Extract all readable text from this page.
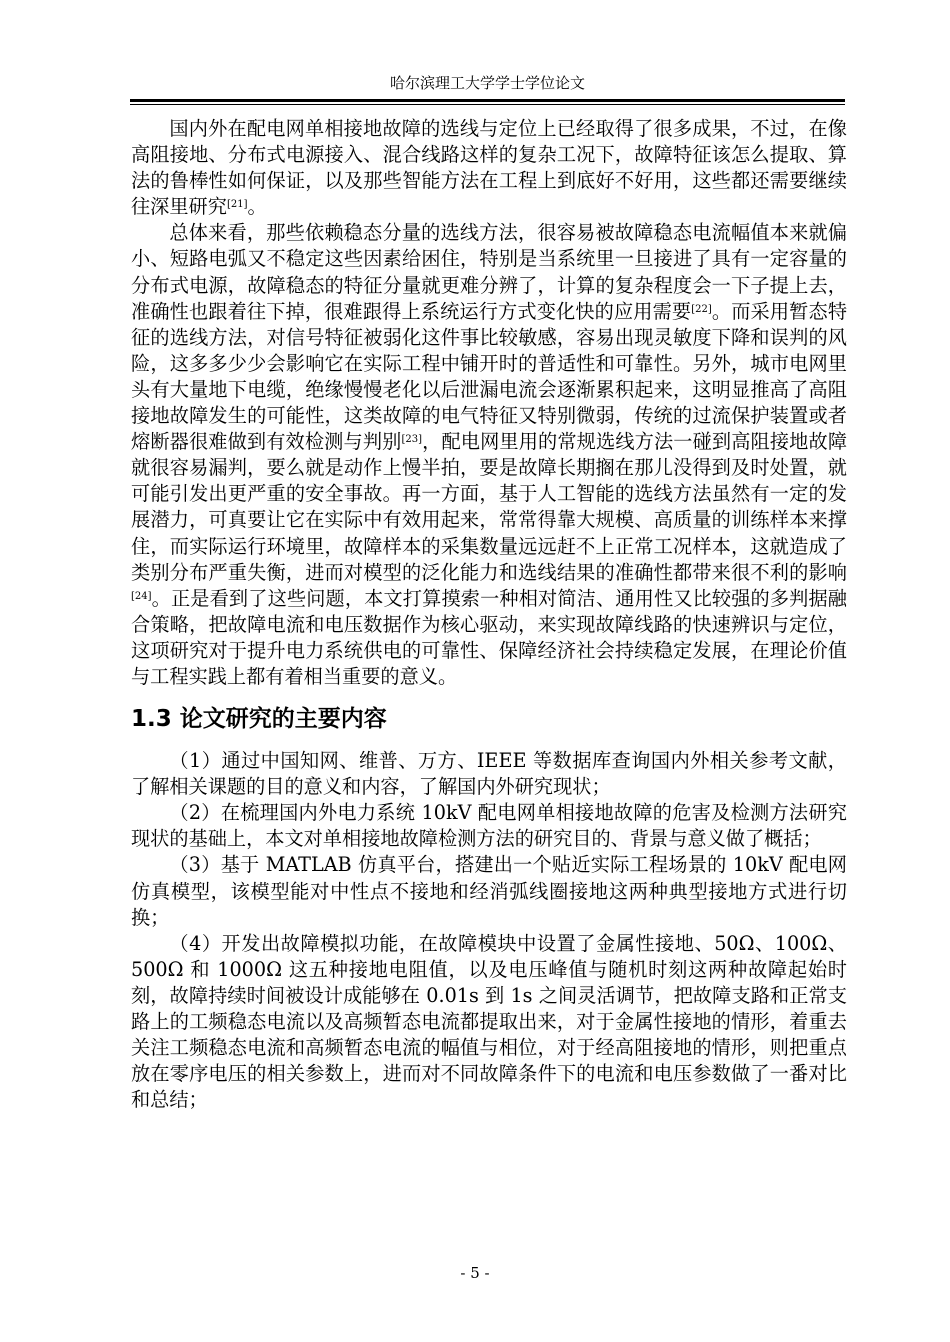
哈尔滨理工大学学士学位论文

国内外在配电网单相接地故障的选线与定位上已经取得了很多成果，不过，在像高阻接地、分布式电源接入、混合线路这样的复杂工况下，故障特征该怎么提取、算法的鲁棒性如何保证，以及那些智能方法在工程上到底好不好用，这些都还需要继续往深里研究[21]。

总体来看，那些依赖稳态分量的选线方法，很容易被故障稳态电流幅值本来就偏小、短路电弧又不稳定这些因素给困住，特别是当系统里一旦接进了具有一定容量的分布式电源，故障稳态的特征分量就更难分辨了，计算的复杂程度会一下子提上去，准确性也跟着往下掉，很难跟得上系统运行方式变化快的应用需要[22]。而采用暂态特征的选线方法，对信号特征被弱化这件事比较敏感，容易出现灵敏度下降和误判的风险，这多多少少会影响它在实际工程中铺开时的普适性和可靠性。另外，城市电网里头有大量地下电缆，绝缘慢慢老化以后泄漏电流会逐渐累积起来，这明显推高了高阻接地故障发生的可能性，这类故障的电气特征又特别微弱，传统的过流保护装置或者熔断器很难做到有效检测与判别[23]，配电网里用的常规选线方法一碰到高阻接地故障就很容易漏判，要么就是动作上慢半拍，要是故障长期搁在那儿没得到及时处置，就可能引发出更严重的安全事故。再一方面，基于人工智能的选线方法虽然有一定的发展潜力，可真要让它在实际中有效用起来，常常得靠大规模、高质量的训练样本来撑住，而实际运行环境里，故障样本的采集数量远远赶不上正常工况样本，这就造成了类别分布严重失衡，进而对模型的泛化能力和选线结果的准确性都带来很不利的影响[24]。正是看到了这些问题，本文打算摸索一种相对简洁、通用性又比较强的多判据融合策略，把故障电流和电压数据作为核心驱动，来实现故障线路的快速辨识与定位，这项研究对于提升电力系统供电的可靠性、保障经济社会持续稳定发展，在理论价值与工程实践上都有着相当重要的意义。

1.3 论文研究的主要内容

（1）通过中国知网、维普、万方、IEEE 等数据库查询国内外相关参考文献，了解相关课题的目的意义和内容，了解国内外研究现状；

（2）在梳理国内外电力系统 10kV 配电网单相接地故障的危害及检测方法研究现状的基础上，本文对单相接地故障检测方法的研究目的、背景与意义做了概括；

（3）基于 MATLAB 仿真平台，搭建出一个贴近实际工程场景的 10kV 配电网仿真模型，该模型能对中性点不接地和经消弧线圈接地这两种典型接地方式进行切换；

（4）开发出故障模拟功能，在故障模块中设置了金属性接地、50Ω、100Ω、500Ω 和 1000Ω 这五种接地电阻值，以及电压峰值与随机时刻这两种故障起始时刻，故障持续时间被设计成能够在 0.01s 到 1s 之间灵活调节，把故障支路和正常支路上的工频稳态电流以及高频暂态电流都提取出来，对于金属性接地的情形，着重去关注工频稳态电流和高频暂态电流的幅值与相位，对于经高阻接地的情形，则把重点放在零序电压的相关参数上，进而对不同故障条件下的电流和电压参数做了一番对比和总结；

- 5 -
